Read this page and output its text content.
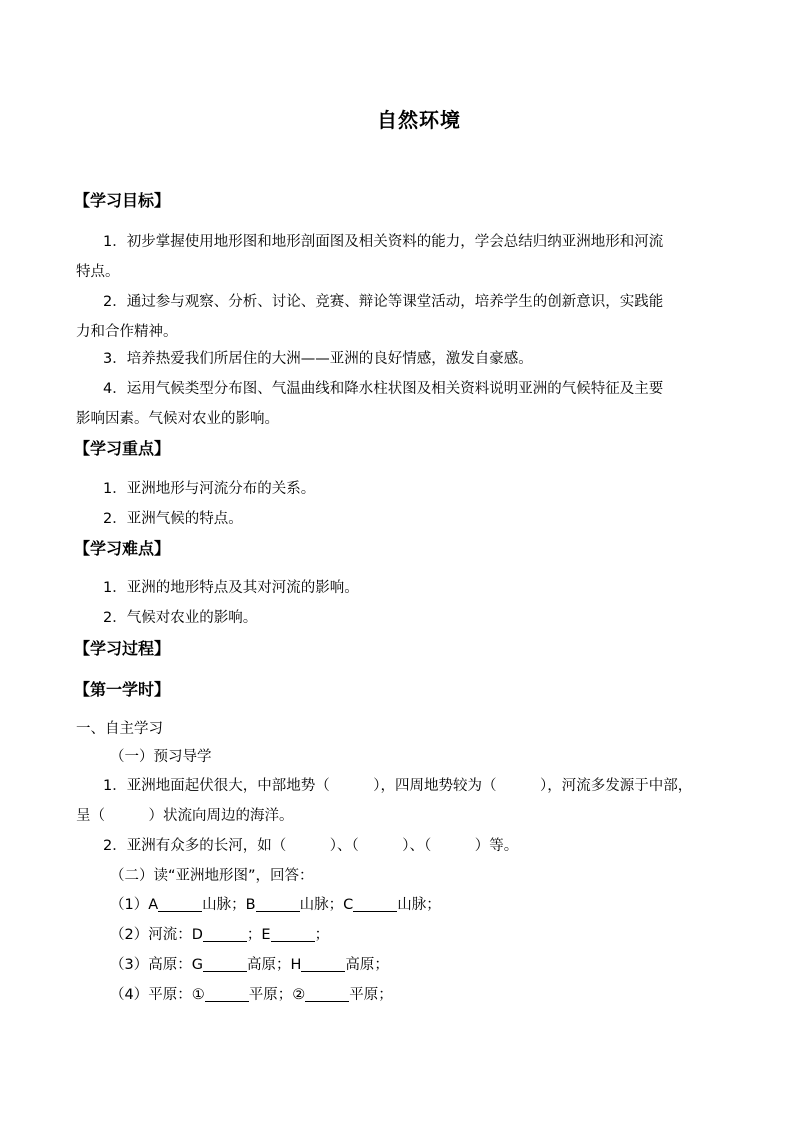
自然环境
【学习目标】
1．初步掌握使用地形图和地形剖面图及相关资料的能力，学会总结归纳亚洲地形和河流
特点。
2．通过参与观察、分析、讨论、竞赛、辩论等课堂活动，培养学生的创新意识，实践能
力和合作精神。
3．培养热爱我们所居住的大洲——亚洲的良好情感，激发自豪感。
4．运用气候类型分布图、气温曲线和降水柱状图及相关资料说明亚洲的气候特征及主要
影响因素。气候对农业的影响。
【学习重点】
1．亚洲地形与河流分布的关系。
2．亚洲气候的特点。
【学习难点】
1．亚洲的地形特点及其对河流的影响。
2．气候对农业的影响。
【学习过程】
【第一学时】
一、自主学习
（一）预习导学
1．亚洲地面起伏很大，中部地势（　　　），四周地势较为（　　　），河流多发源于中部，
呈（　　　）状流向周边的海洋。
2．亚洲有众多的长河，如（　　　）、（　　　）、（　　　）等。
（二）读“亚洲地形图”，回答：
（1）A	山脉；B	山脉；C	山脉；
（2）河流：D	；E	；
（3）高原：G	高原；H	高原；
（4）平原：①	平原；②	平原；
